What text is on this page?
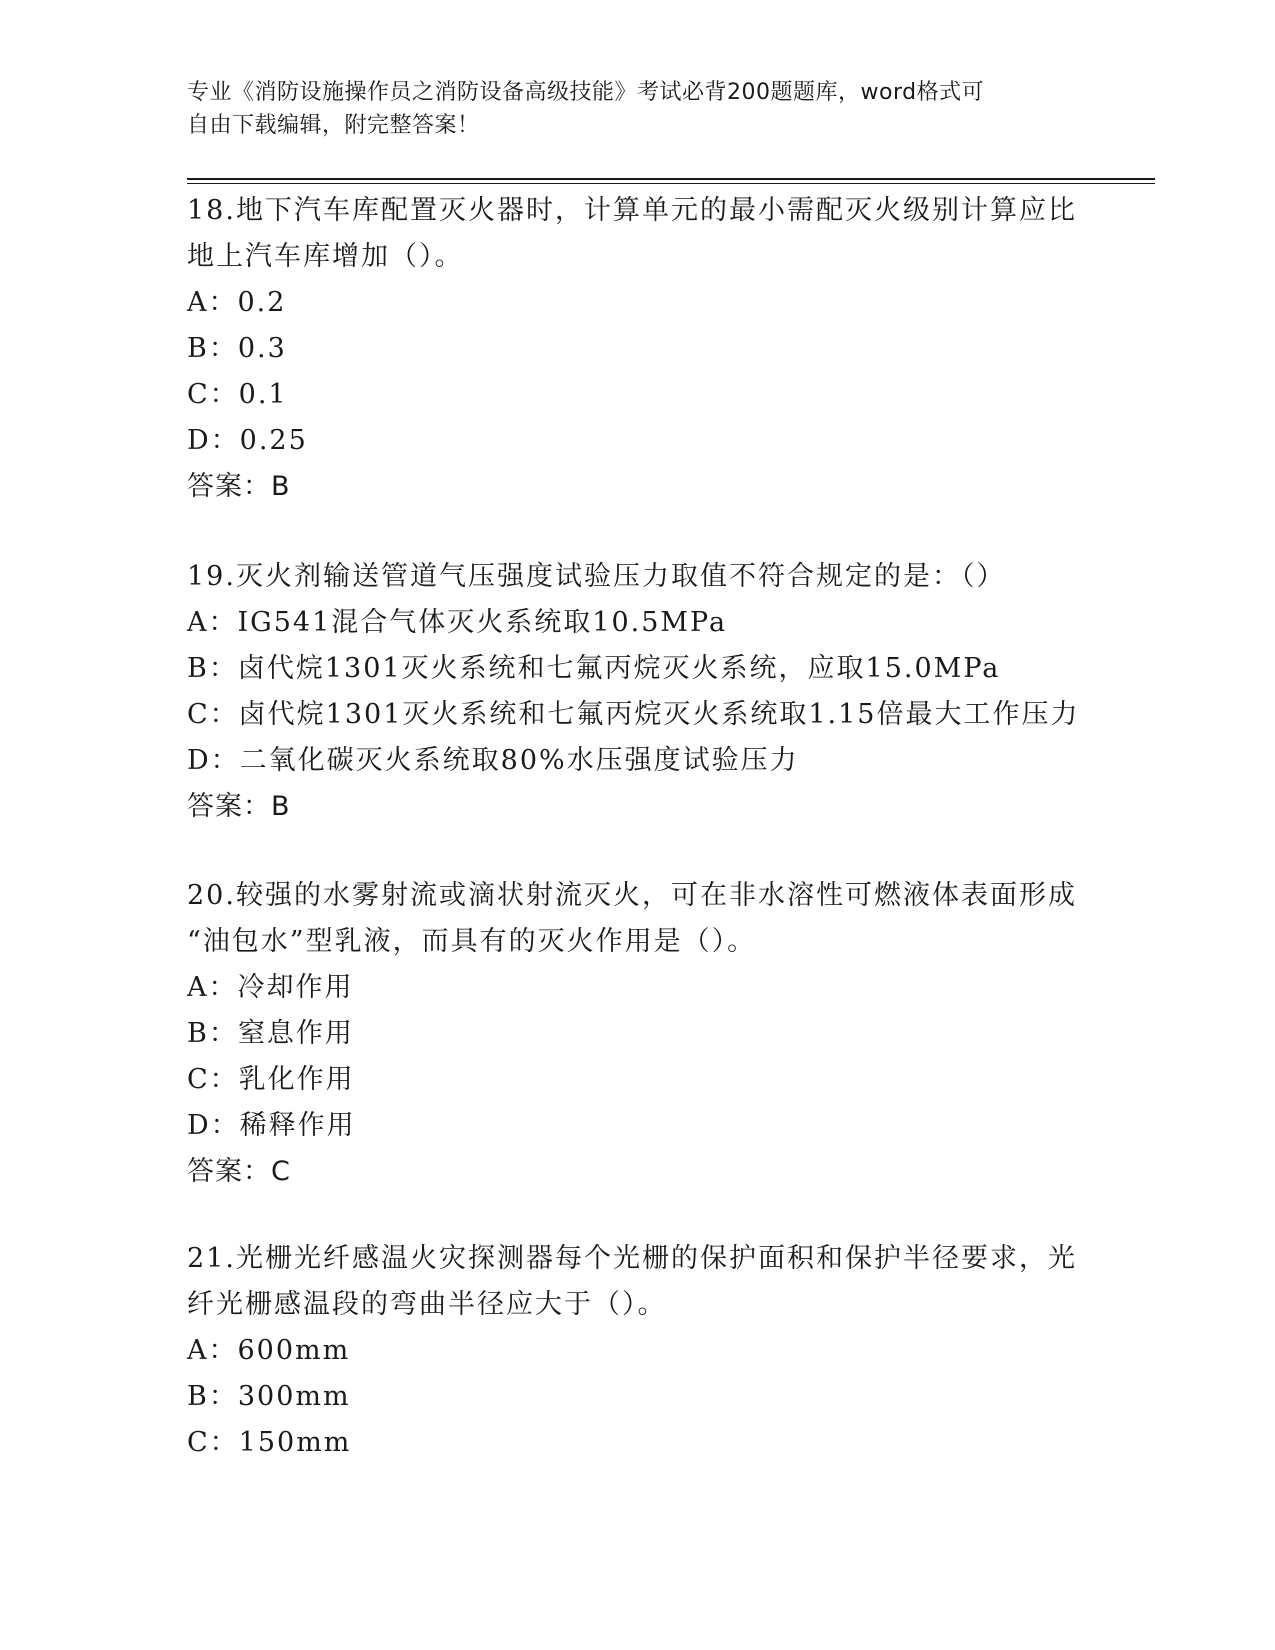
专业《消防设施操作员之消防设备高级技能》考试必背200题题库，word格式可
自由下载编辑，附完整答案！

18.地下汽车库配置灭火器时，计算单元的最小需配灭火级别计算应比

地上汽车库增加（）。

A：0.2

B：0.3

C：0.1

D：0.25

答案：B

19.灭火剂输送管道气压强度试验压力取值不符合规定的是：（）

A：IG541混合气体灭火系统取10.5MPa

B：卤代烷1301灭火系统和七氟丙烷灭火系统，应取15.0MPa

C：卤代烷1301灭火系统和七氟丙烷灭火系统取1.15倍最大工作压力

D：二氧化碳灭火系统取80%水压强度试验压力

答案：B

20.较强的水雾射流或滴状射流灭火，可在非水溶性可燃液体表面形成

“油包水”型乳液，而具有的灭火作用是（）。

A：冷却作用

B：窒息作用

C：乳化作用

D：稀释作用

答案：C

21.光栅光纤感温火灾探测器每个光栅的保护面积和保护半径要求，光

纤光栅感温段的弯曲半径应大于（）。

A：600mm

B：300mm

C：150mm
